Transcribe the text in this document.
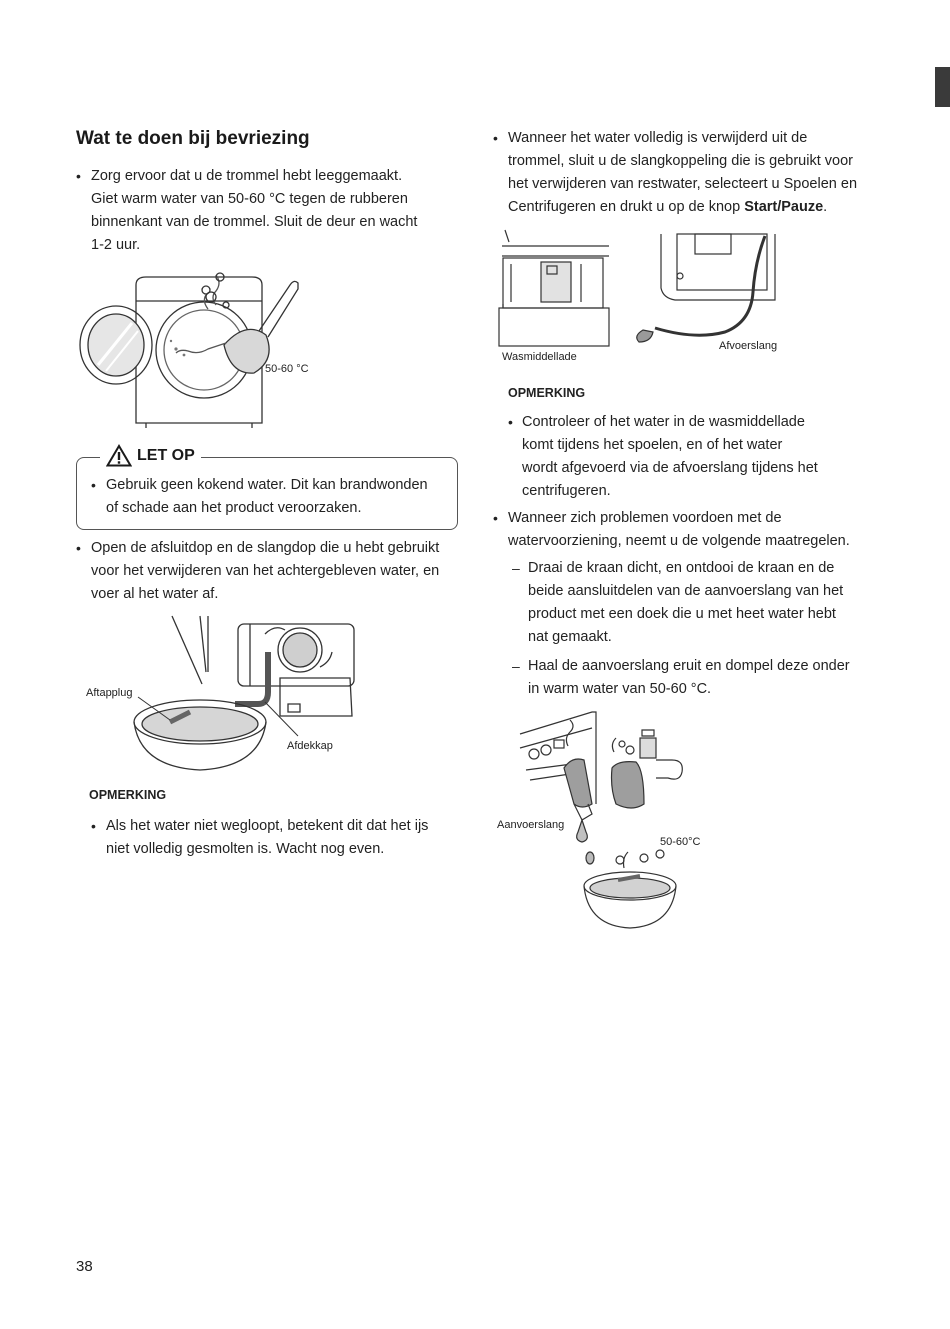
Wat te doen bij bevriezing
• Zorg ervoor dat u de trommel hebt leeggemaakt.

Giet warm water van 50-60 °C tegen de rubberen

binnenkant van de trommel. Sluit de deur en wacht

1-2 uur.

50-60 °C
LET OP
• Gebruik geen kokend water. Dit kan brandwonden

of schade aan het product veroorzaken.

• Open de afsluitdop en de slangdop die u hebt gebruikt

voor het verwijderen van het achtergebleven water, en

voer al het water af.

Aftapplug
Afdekkap
OPMERKING
• Als het water niet wegloopt, betekent dit dat het ijs

niet volledig gesmolten is. Wacht nog even.

• Wanneer het water volledig is verwijderd uit de

trommel, sluit u de slangkoppeling die is gebruikt voor

het verwijderen van restwater, selecteert u Spoelen en

Centrifugeren en drukt u op de knop Start/Pauze.

Wasmiddellade
Afvoerslang
OPMERKING
• Controleer of het water in de wasmiddellade

komt tijdens het spoelen, en of het water

wordt afgevoerd via de afvoerslang tijdens het

centrifugeren.

• Wanneer zich problemen voordoen met de

watervoorziening, neemt u de volgende maatregelen.

– Draai de kraan dicht, en ontdooi de kraan en de

beide aansluitdelen van de aanvoerslang van het

product met een doek die u met heet water hebt

nat gemaakt.

– Haal de aanvoerslang eruit en dompel deze onder

in warm water van 50-60 °C.

Aanvoerslang
50-60°C
38
